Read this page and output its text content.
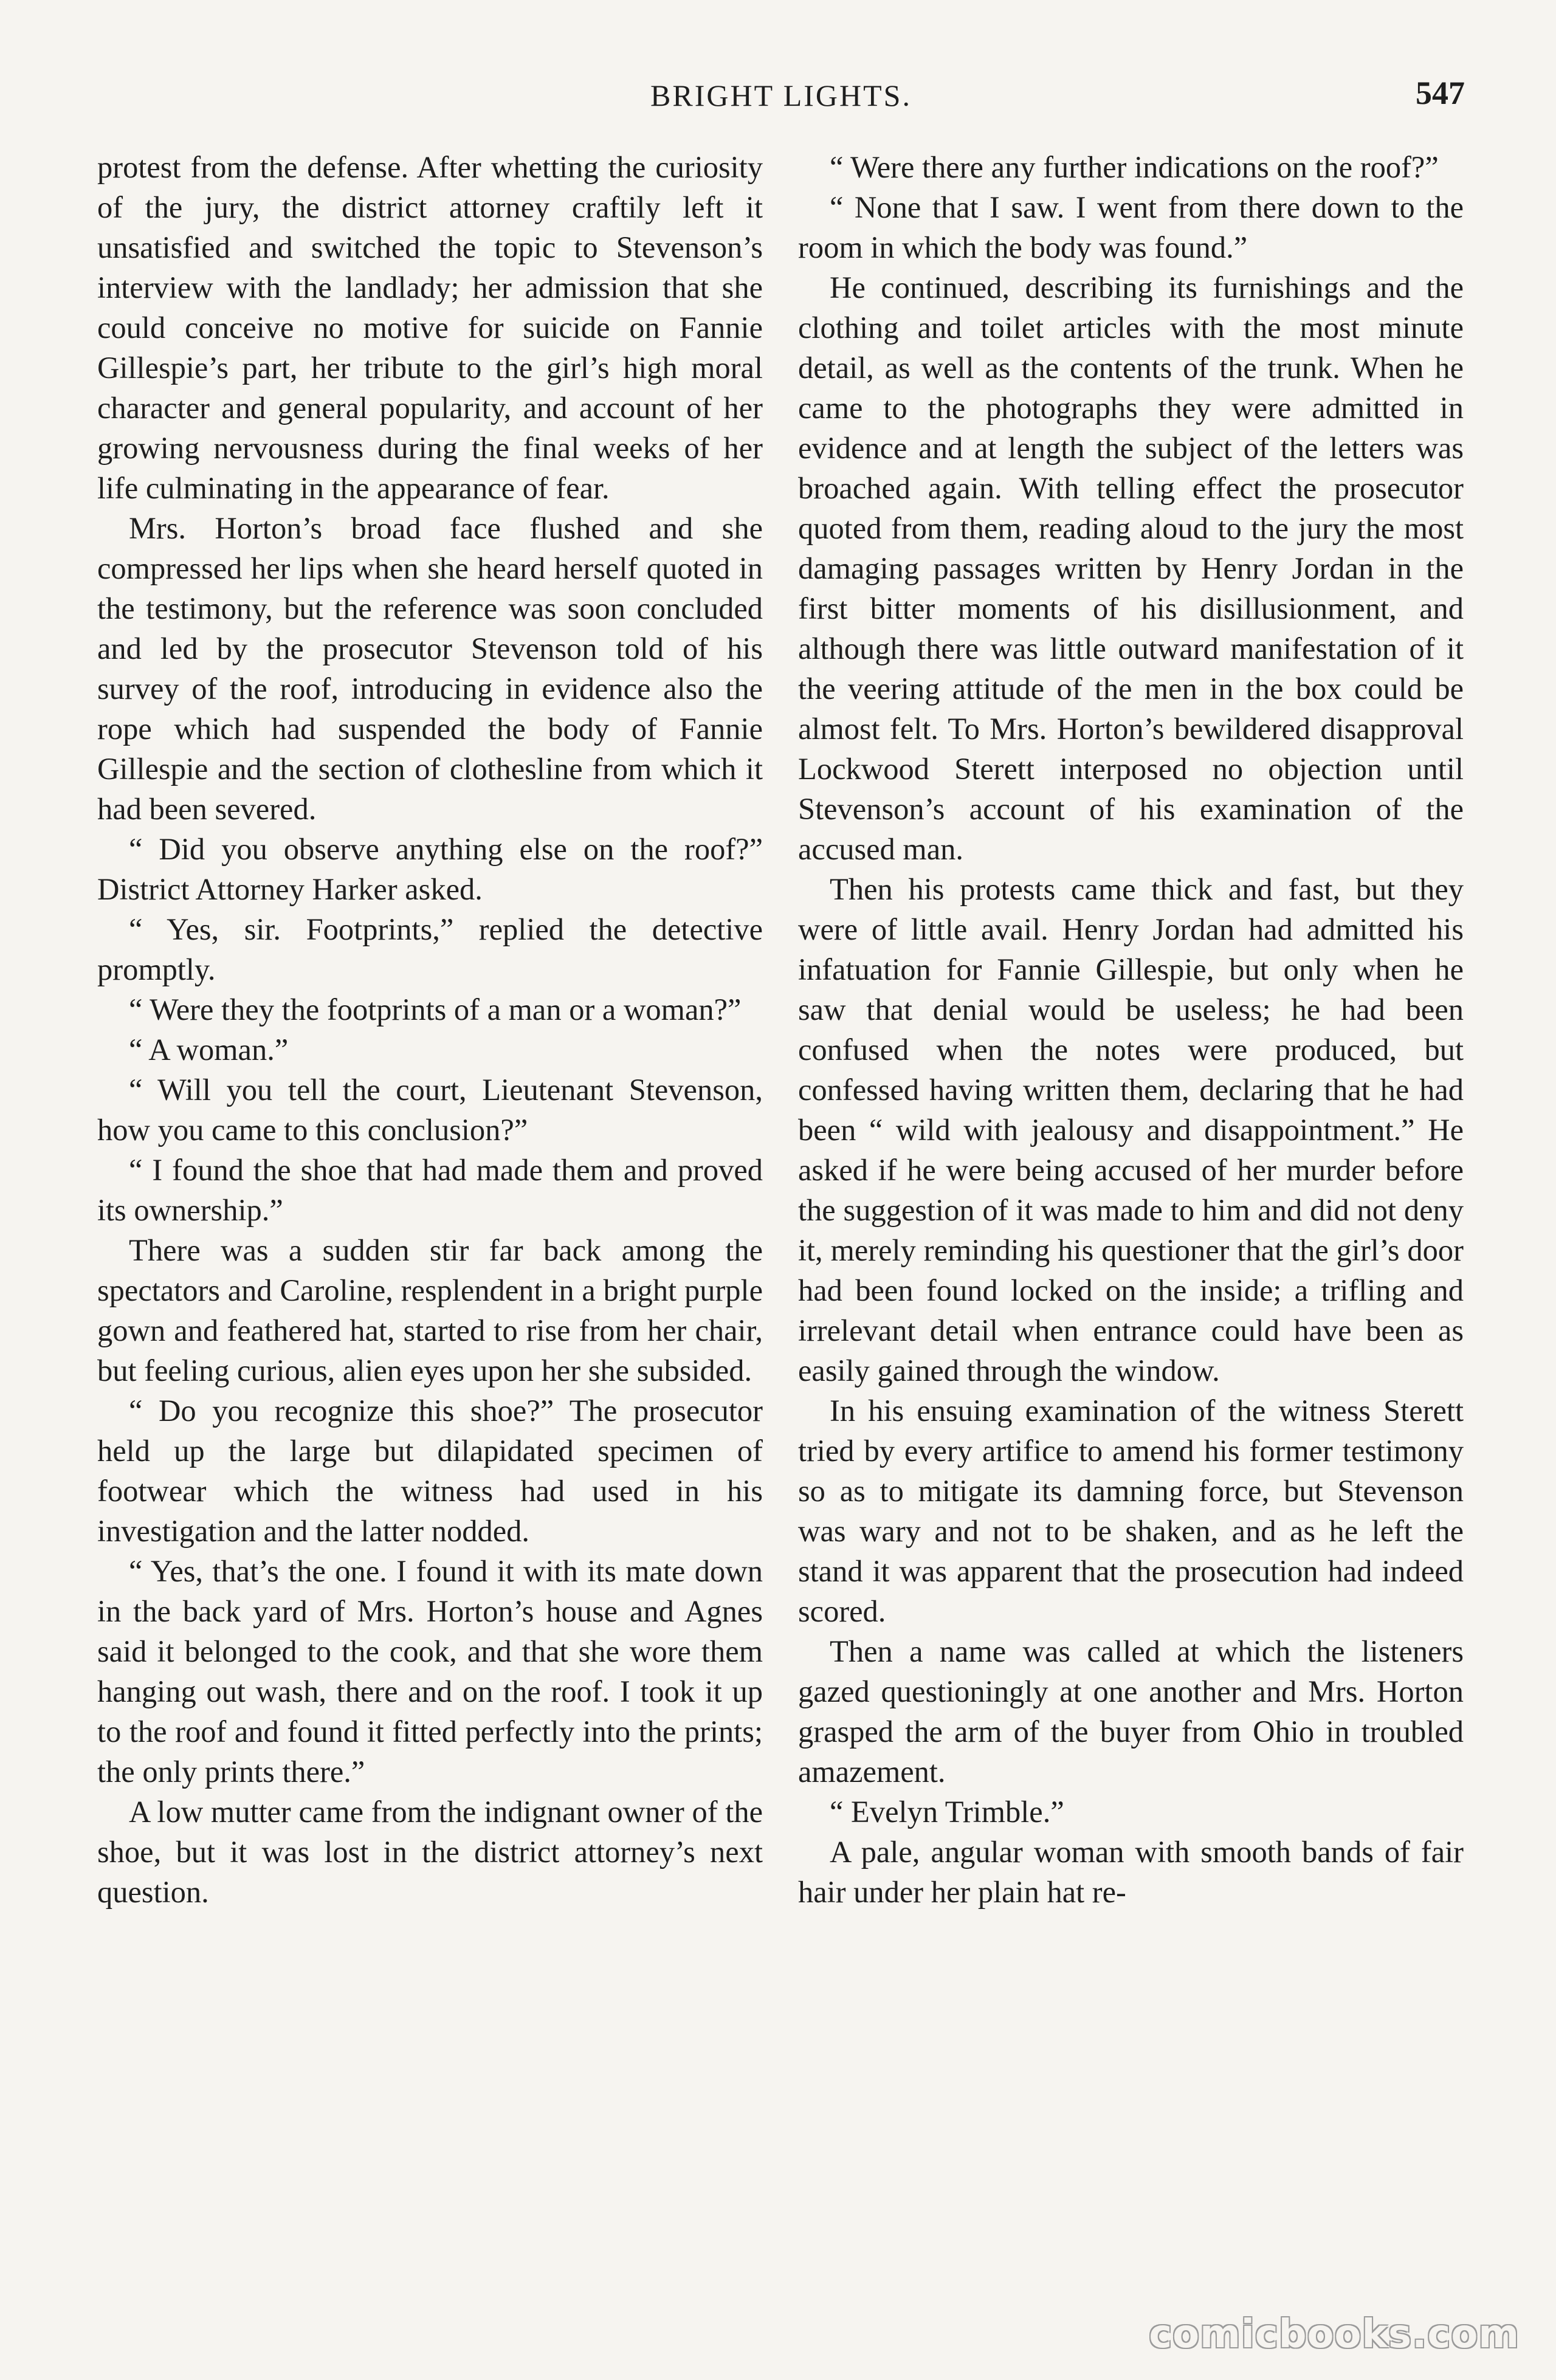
BRIGHT LIGHTS.	547

protest from the defense. After whetting the curiosity of the jury, the district attorney craftily left it unsatisfied and switched the topic to Stevenson’s interview with the landlady; her admission that she could conceive no motive for suicide on Fannie Gillespie’s part, her tribute to the girl’s high moral character and general popularity, and account of her growing nervousness during the final weeks of her life culminating in the appearance of fear.

Mrs. Horton’s broad face flushed and she compressed her lips when she heard herself quoted in the testimony, but the reference was soon concluded and led by the prosecutor Stevenson told of his survey of the roof, introducing in evidence also the rope which had suspended the body of Fannie Gillespie and the section of clothesline from which it had been severed.

“ Did you observe anything else on the roof?” District Attorney Harker asked.

“ Yes, sir. Footprints,” replied the detective promptly.

“ Were they the footprints of a man or a woman?”

“ A woman.”

“ Will you tell the court, Lieutenant Stevenson, how you came to this conclusion?”

“ I found the shoe that had made them and proved its ownership.”

There was a sudden stir far back among the spectators and Caroline, resplendent in a bright purple gown and feathered hat, started to rise from her chair, but feeling curious, alien eyes upon her she subsided.

“ Do you recognize this shoe?” The prosecutor held up the large but dilapidated specimen of footwear which the witness had used in his investigation and the latter nodded.

“ Yes, that’s the one. I found it with its mate down in the back yard of Mrs. Horton’s house and Agnes said it belonged to the cook, and that she wore them hanging out wash, there and on the roof. I took it up to the roof and found it fitted perfectly into the prints; the only prints there.”

A low mutter came from the indignant owner of the shoe, but it was lost in the district attorney’s next question.

“ Were there any further indications on the roof?”

“ None that I saw. I went from there down to the room in which the body was found.”

He continued, describing its furnishings and the clothing and toilet articles with the most minute detail, as well as the contents of the trunk. When he came to the photographs they were admitted in evidence and at length the subject of the letters was broached again. With telling effect the prosecutor quoted from them, reading aloud to the jury the most damaging passages written by Henry Jordan in the first bitter moments of his disillusionment, and although there was little outward manifestation of it the veering attitude of the men in the box could be almost felt. To Mrs. Horton’s bewildered disapproval Lockwood Sterett interposed no objection until Stevenson’s account of his examination of the accused man.

Then his protests came thick and fast, but they were of little avail. Henry Jordan had admitted his infatuation for Fannie Gillespie, but only when he saw that denial would be useless; he had been confused when the notes were produced, but confessed having written them, declaring that he had been “ wild with jealousy and disappointment.” He asked if he were being accused of her murder before the suggestion of it was made to him and did not deny it, merely reminding his questioner that the girl’s door had been found locked on the inside; a trifling and irrelevant detail when entrance could have been as easily gained through the window.

In his ensuing examination of the witness Sterett tried by every artifice to amend his former testimony so as to mitigate its damning force, but Stevenson was wary and not to be shaken, and as he left the stand it was apparent that the prosecution had indeed scored.

Then a name was called at which the listeners gazed questioningly at one another and Mrs. Horton grasped the arm of the buyer from Ohio in troubled amazement.

“ Evelyn Trimble.”

A pale, angular woman with smooth bands of fair hair under her plain hat re-

comicbooks.com
